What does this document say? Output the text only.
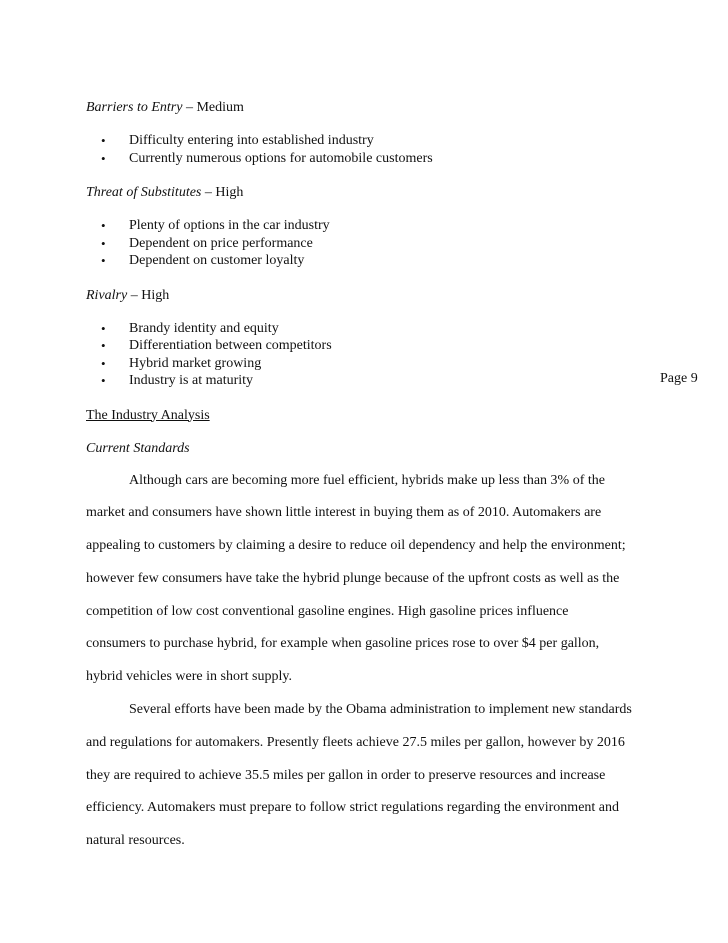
Page 9

Barriers to Entry – Medium

• Difficulty entering into established industry
• Currently numerous options for automobile customers

Threat of Substitutes – High

• Plenty of options in the car industry
• Dependent on price performance
• Dependent on customer loyalty

Rivalry – High

• Brandy identity and equity
• Differentiation between competitors
• Hybrid market growing
• Industry is at maturity

The Industry Analysis

Current Standards

Although cars are becoming more fuel efficient, hybrids make up less than 3% of the

market and consumers have shown little interest in buying them as of 2010. Automakers are

appealing to customers by claiming a desire to reduce oil dependency and help the environment;

however few consumers have take the hybrid plunge because of the upfront costs as well as the

competition of low cost conventional gasoline engines. High gasoline prices influence

consumers to purchase hybrid, for example when gasoline prices rose to over $4 per gallon,

hybrid vehicles were in short supply.

Several efforts have been made by the Obama administration to implement new standards

and regulations for automakers. Presently fleets achieve 27.5 miles per gallon, however by 2016

they are required to achieve 35.5 miles per gallon in order to preserve resources and increase

efficiency. Automakers must prepare to follow strict regulations regarding the environment and

natural resources.
